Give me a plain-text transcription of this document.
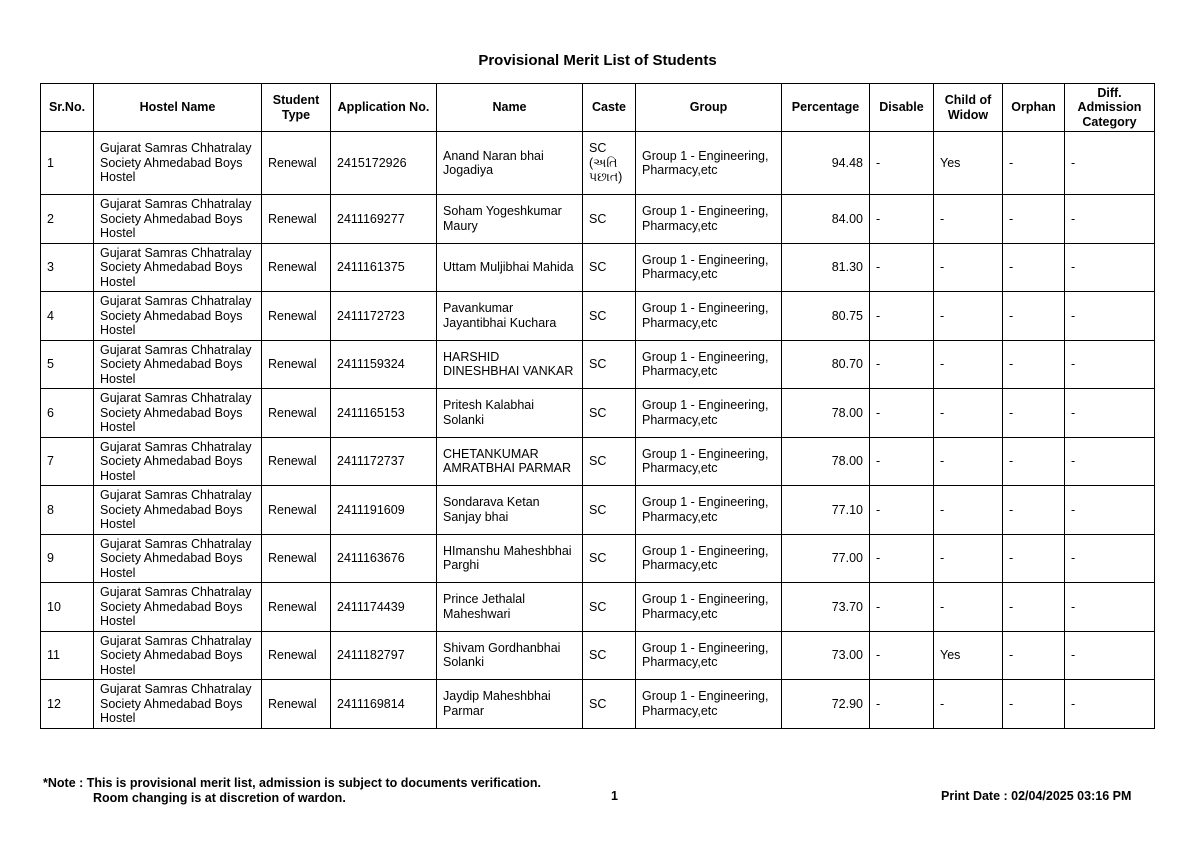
Provisional Merit List of Students
Sr.No.	Hostel Name	Student Type	Application No.	Name	Caste	Group	Percentage	Disable	Child of Widow	Orphan	Diff. Admission Category
1	Gujarat Samras Chhatralay Society Ahmedabad Boys Hostel	Renewal	2415172926	Anand Naran bhai Jogadiya	SC (અતિ પછાત)	Group 1 - Engineering, Pharmacy,etc	94.48	-	Yes	-	-
2	Gujarat Samras Chhatralay Society Ahmedabad Boys Hostel	Renewal	2411169277	Soham Yogeshkumar Maury	SC	Group 1 - Engineering, Pharmacy,etc	84.00	-	-	-	-
3	Gujarat Samras Chhatralay Society Ahmedabad Boys Hostel	Renewal	2411161375	Uttam Muljibhai Mahida	SC	Group 1 - Engineering, Pharmacy,etc	81.30	-	-	-	-
4	Gujarat Samras Chhatralay Society Ahmedabad Boys Hostel	Renewal	2411172723	Pavankumar Jayantibhai Kuchara	SC	Group 1 - Engineering, Pharmacy,etc	80.75	-	-	-	-
5	Gujarat Samras Chhatralay Society Ahmedabad Boys Hostel	Renewal	2411159324	HARSHID DINESHBHAI VANKAR	SC	Group 1 - Engineering, Pharmacy,etc	80.70	-	-	-	-
6	Gujarat Samras Chhatralay Society Ahmedabad Boys Hostel	Renewal	2411165153	Pritesh Kalabhai Solanki	SC	Group 1 - Engineering, Pharmacy,etc	78.00	-	-	-	-
7	Gujarat Samras Chhatralay Society Ahmedabad Boys Hostel	Renewal	2411172737	CHETANKUMAR AMRATBHAI PARMAR	SC	Group 1 - Engineering, Pharmacy,etc	78.00	-	-	-	-
8	Gujarat Samras Chhatralay Society Ahmedabad Boys Hostel	Renewal	2411191609	Sondarava Ketan Sanjay bhai	SC	Group 1 - Engineering, Pharmacy,etc	77.10	-	-	-	-
9	Gujarat Samras Chhatralay Society Ahmedabad Boys Hostel	Renewal	2411163676	HImanshu Maheshbhai Parghi	SC	Group 1 - Engineering, Pharmacy,etc	77.00	-	-	-	-
10	Gujarat Samras Chhatralay Society Ahmedabad Boys Hostel	Renewal	2411174439	Prince Jethalal Maheshwari	SC	Group 1 - Engineering, Pharmacy,etc	73.70	-	-	-	-
11	Gujarat Samras Chhatralay Society Ahmedabad Boys Hostel	Renewal	2411182797	Shivam Gordhanbhai Solanki	SC	Group 1 - Engineering, Pharmacy,etc	73.00	-	Yes	-	-
12	Gujarat Samras Chhatralay Society Ahmedabad Boys Hostel	Renewal	2411169814	Jaydip Maheshbhai Parmar	SC	Group 1 - Engineering, Pharmacy,etc	72.90	-	-	-	-
*Note : This is provisional merit list, admission is subject to documents verification.
Room changing is at discretion of wardon.	1	Print Date : 02/04/2025 03:16 PM
